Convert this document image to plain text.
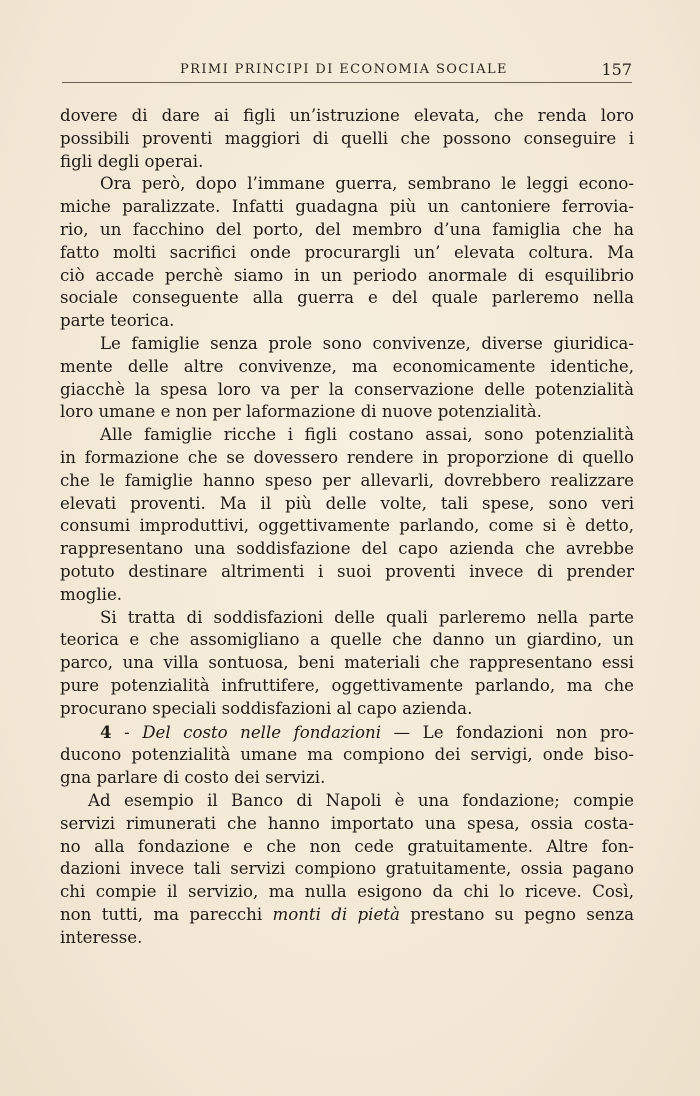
PRIMI PRINCIPI DI ECONOMIA SOCIALE	157

dovere di dare ai figli un’istruzione elevata, che renda loro
possibili proventi maggiori di quelli che possono conseguire i
figli degli operai.

Ora però, dopo l’immane guerra, sembrano le leggi econo-
miche paralizzate. Infatti guadagna più un cantoniere ferrovia-
rio, un facchino del porto, del membro d’una famiglia che ha
fatto molti sacrifici onde procurargli un’ elevata coltura. Ma
ciò accade perchè siamo in un periodo anormale di esquilibrio
sociale conseguente alla guerra e del quale parleremo nella
parte teorica.

Le famiglie senza prole sono convivenze, diverse giuridica-
mente delle altre convivenze, ma economicamente identiche,
giacchè la spesa loro va per la conservazione delle potenzialità
loro umane e non per laformazione di nuove potenzialità.

Alle famiglie ricche i figli costano assai, sono potenzialità
in formazione che se dovessero rendere in proporzione di quello
che le famiglie hanno speso per allevarli, dovrebbero realizzare
elevati proventi. Ma il più delle volte, tali spese, sono veri
consumi improduttivi, oggettivamente parlando, come si è detto,
rappresentano una soddisfazione del capo azienda che avrebbe
potuto destinare altrimenti i suoi proventi invece di prender
moglie.

Si tratta di soddisfazioni delle quali parleremo nella parte
teorica e che assomigliano a quelle che danno un giardino, un
parco, una villa sontuosa, beni materiali che rappresentano essi
pure potenzialità infruttifere, oggettivamente parlando, ma che
procurano speciali soddisfazioni al capo azienda.

4 - Del costo nelle fondazioni — Le fondazioni non pro-
ducono potenzialità umane ma compiono dei servigi, onde biso-
gna parlare di costo dei servizi.

Ad esempio il Banco di Napoli è una fondazione; compie
servizi rimunerati che hanno importato una spesa, ossia costa-
no alla fondazione e che non cede gratuitamente. Altre fon-
dazioni invece tali servizi compiono gratuitamente, ossia pagano
chi compie il servizio, ma nulla esigono da chi lo riceve. Così,
non tutti, ma parecchi monti di pietà prestano su pegno senza
interesse.
